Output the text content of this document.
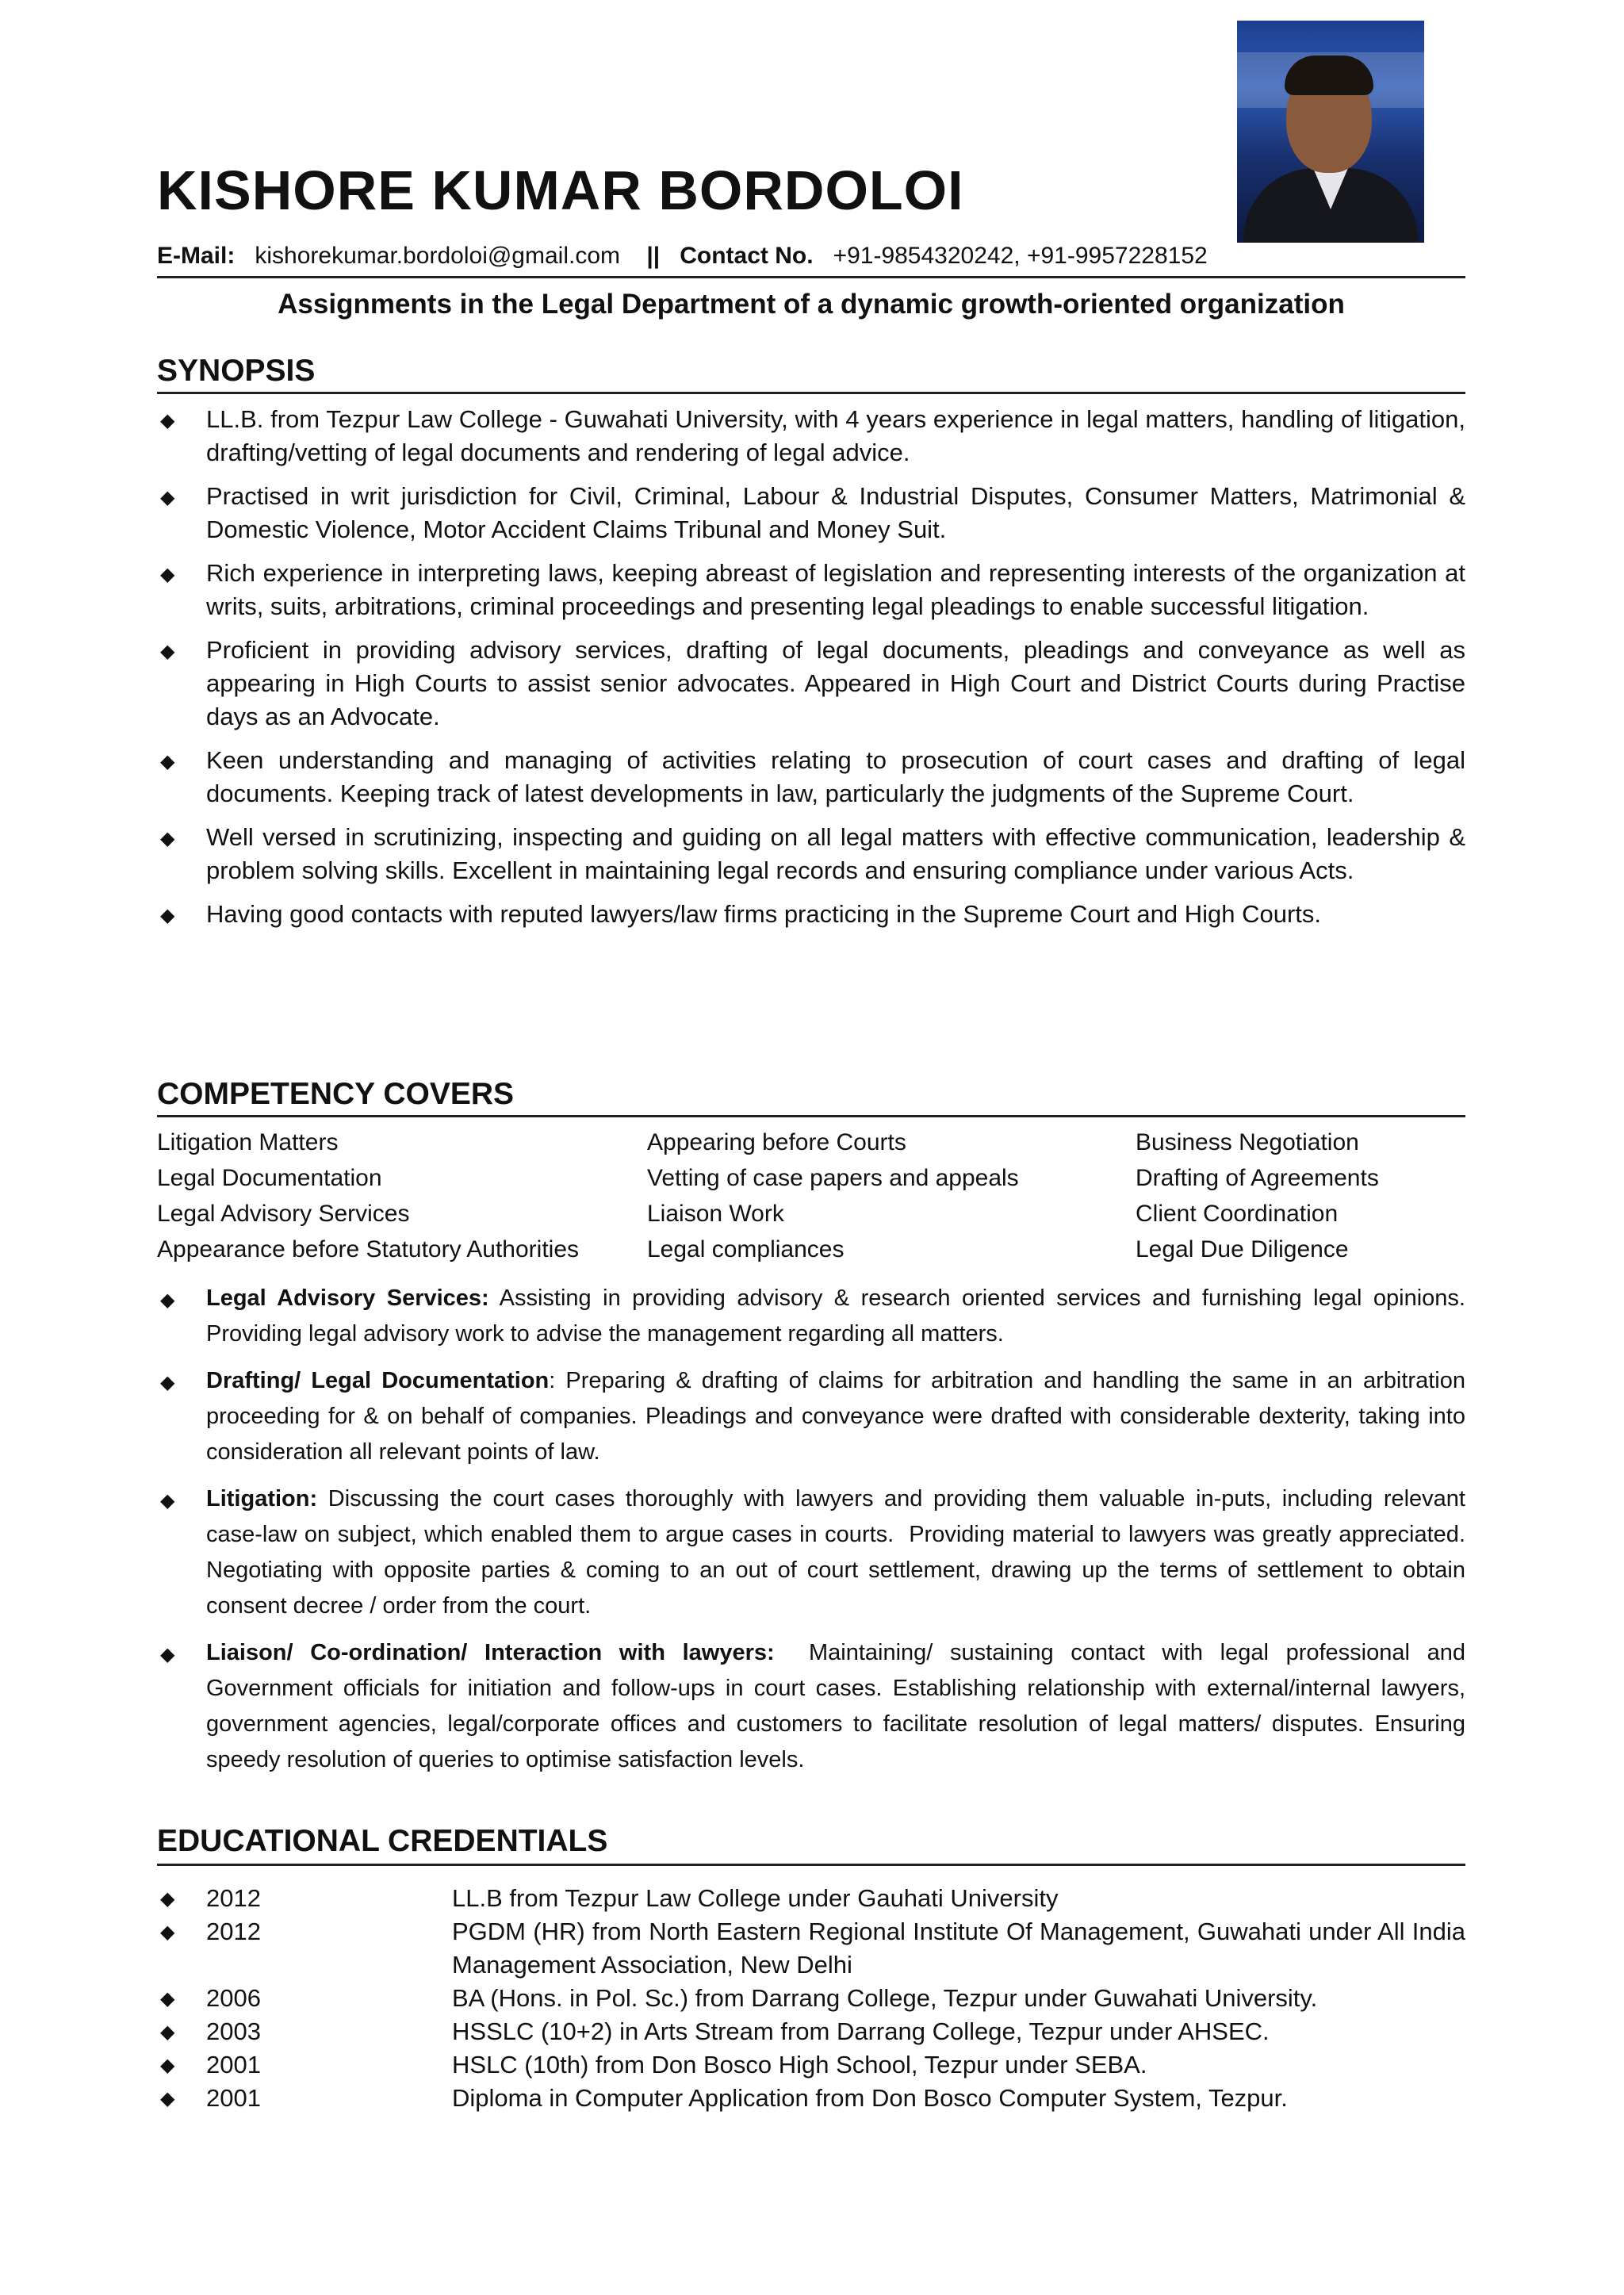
KISHORE KUMAR BORDOLOI
E-Mail: kishorekumar.bordoloi@gmail.com || Contact No. +91-9854320242, +91-9957228152
Assignments in the Legal Department of a dynamic growth-oriented organization
SYNOPSIS
◆ LL.B. from Tezpur Law College - Guwahati University, with 4 years experience in legal matters, handling of litigation, drafting/vetting of legal documents and rendering of legal advice.
◆ Practised in writ jurisdiction for Civil, Criminal, Labour & Industrial Disputes, Consumer Matters, Matrimonial & Domestic Violence, Motor Accident Claims Tribunal and Money Suit.
◆ Rich experience in interpreting laws, keeping abreast of legislation and representing interests of the organization at writs, suits, arbitrations, criminal proceedings and presenting legal pleadings to enable successful litigation.
◆ Proficient in providing advisory services, drafting of legal documents, pleadings and conveyance as well as appearing in High Courts to assist senior advocates. Appeared in High Court and District Courts during Practise days as an Advocate.
◆ Keen understanding and managing of activities relating to prosecution of court cases and drafting of legal documents. Keeping track of latest developments in law, particularly the judgments of the Supreme Court.
◆ Well versed in scrutinizing, inspecting and guiding on all legal matters with effective communication, leadership & problem solving skills. Excellent in maintaining legal records and ensuring compliance under various Acts.
◆ Having good contacts with reputed lawyers/law firms practicing in the Supreme Court and High Courts.
COMPETENCY COVERS
Litigation Matters	Appearing before Courts	Business Negotiation
Legal Documentation	Vetting of case papers and appeals	Drafting of Agreements
Legal Advisory Services	Liaison Work	Client Coordination
Appearance before Statutory Authorities	Legal compliances	Legal Due Diligence
◆ Legal Advisory Services: Assisting in providing advisory & research oriented services and furnishing legal opinions. Providing legal advisory work to advise the management regarding all matters.
◆ Drafting/ Legal Documentation: Preparing & drafting of claims for arbitration and handling the same in an arbitration proceeding for & on behalf of companies. Pleadings and conveyance were drafted with considerable dexterity, taking into consideration all relevant points of law.
◆ Litigation: Discussing the court cases thoroughly with lawyers and providing them valuable in-puts, including relevant case-law on subject, which enabled them to argue cases in courts.  Providing material to lawyers was greatly appreciated. Negotiating with opposite parties & coming to an out of court settlement, drawing up the terms of settlement to obtain consent decree / order from the court.
◆ Liaison/ Co-ordination/ Interaction with lawyers:  Maintaining/ sustaining contact with legal professional and Government officials for initiation and follow-ups in court cases. Establishing relationship with external/internal lawyers, government agencies, legal/corporate offices and customers to facilitate resolution of legal matters/ disputes. Ensuring speedy resolution of queries to optimise satisfaction levels.
EDUCATIONAL CREDENTIALS
◆ 2012	LL.B from Tezpur Law College under Gauhati University
◆ 2012	PGDM (HR) from North Eastern Regional Institute Of Management, Guwahati under All India Management Association, New Delhi
◆ 2006	BA (Hons. in Pol. Sc.) from Darrang College, Tezpur under Guwahati University.
◆ 2003	HSSLC (10+2) in Arts Stream from Darrang College, Tezpur under AHSEC.
◆ 2001	HSLC (10th) from Don Bosco High School, Tezpur under SEBA.
◆ 2001	Diploma in Computer Application from Don Bosco Computer System, Tezpur.
